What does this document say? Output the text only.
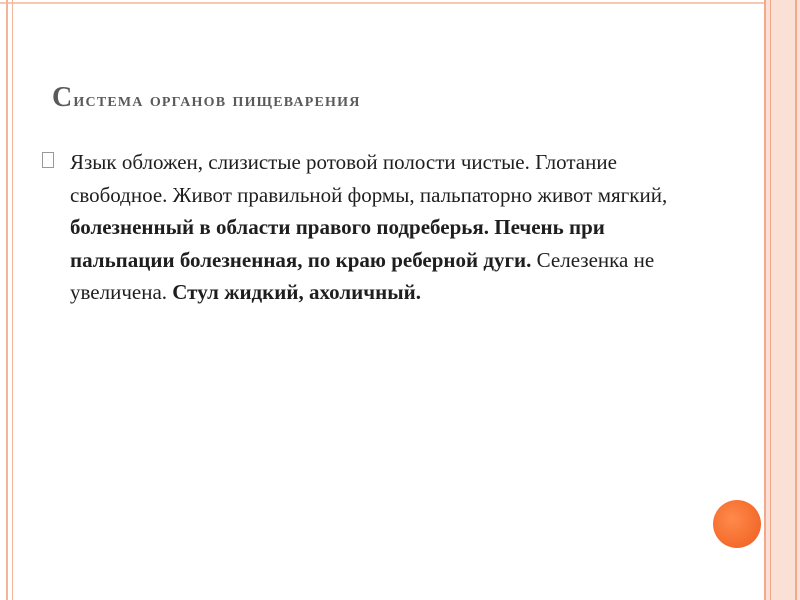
Система органов пищеварения

Язык обложен, слизистые ротовой полости чистые. Глотание свободное. Живот правильной формы, пальпаторно живот мягкий, болезненный в области правого подреберья. Печень при пальпации болезненная, по краю реберной дуги. Селезенка не увеличена. Стул жидкий, ахоличный.
